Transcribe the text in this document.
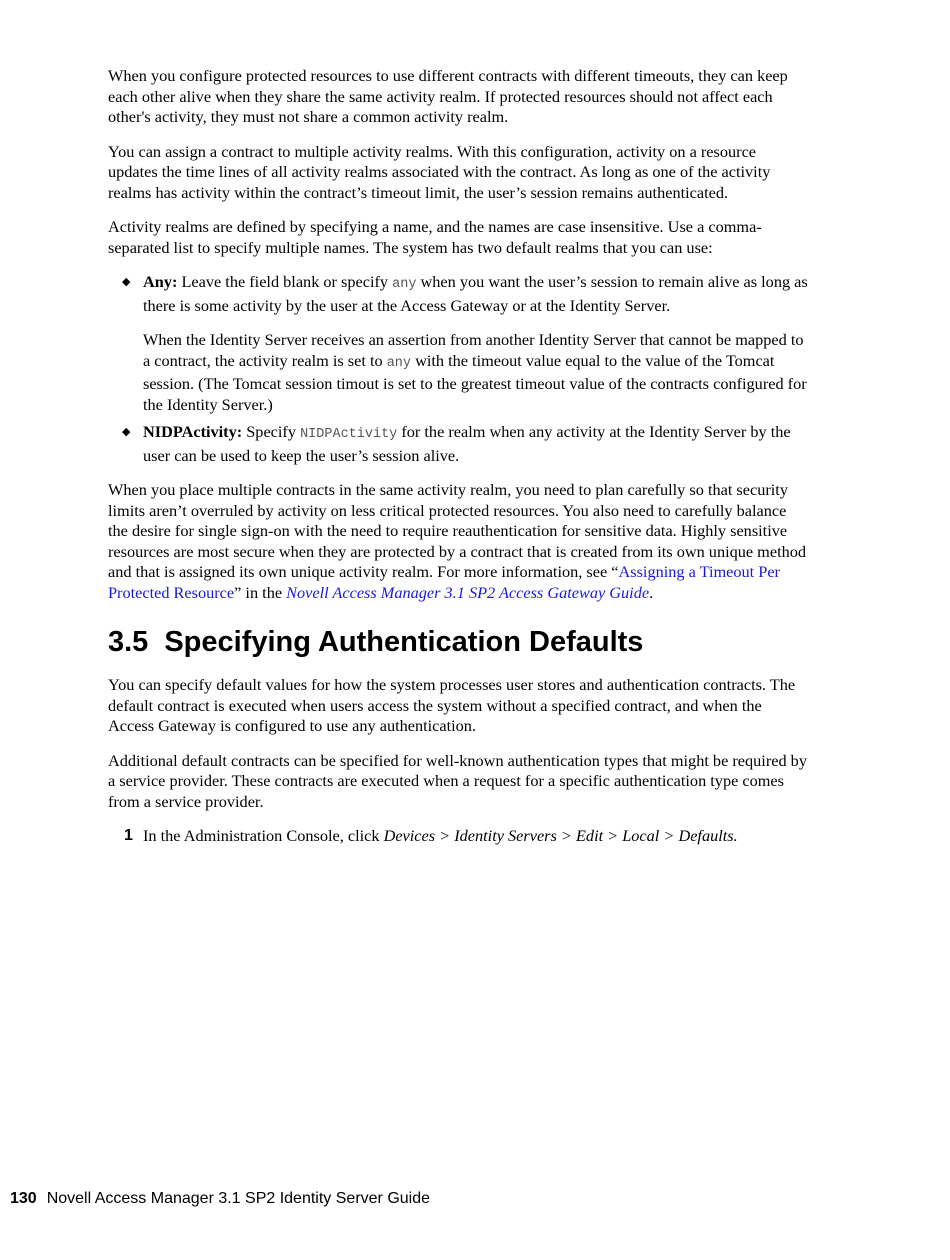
When you configure protected resources to use different contracts with different timeouts, they can keep each other alive when they share the same activity realm. If protected resources should not affect each other's activity, they must not share a common activity realm.

You can assign a contract to multiple activity realms. With this configuration, activity on a resource updates the time lines of all activity realms associated with the contract. As long as one of the activity realms has activity within the contract’s timeout limit, the user’s session remains authenticated.

Activity realms are defined by specifying a name, and the names are case insensitive. Use a comma-separated list to specify multiple names. The system has two default realms that you can use:

◆ Any: Leave the field blank or specify any when you want the user’s session to remain alive as long as there is some activity by the user at the Access Gateway or at the Identity Server.

When the Identity Server receives an assertion from another Identity Server that cannot be mapped to a contract, the activity realm is set to any with the timeout value equal to the value of the Tomcat session. (The Tomcat session timout is set to the greatest timeout value of the contracts configured for the Identity Server.)

◆ NIDPActivity: Specify NIDPActivity for the realm when any activity at the Identity Server by the user can be used to keep the user’s session alive.

When you place multiple contracts in the same activity realm, you need to plan carefully so that security limits aren’t overruled by activity on less critical protected resources. You also need to carefully balance the desire for single sign-on with the need to require reauthentication for sensitive data. Highly sensitive resources are most secure when they are protected by a contract that is created from its own unique method and that is assigned its own unique activity realm. For more information, see “Assigning a Timeout Per Protected Resource” in the Novell Access Manager 3.1 SP2 Access Gateway Guide.

3.5 Specifying Authentication Defaults

You can specify default values for how the system processes user stores and authentication contracts. The default contract is executed when users access the system without a specified contract, and when the Access Gateway is configured to use any authentication.

Additional default contracts can be specified for well-known authentication types that might be required by a service provider. These contracts are executed when a request for a specific authentication type comes from a service provider.

1 In the Administration Console, click Devices > Identity Servers > Edit > Local > Defaults.
130 Novell Access Manager 3.1 SP2 Identity Server Guide
